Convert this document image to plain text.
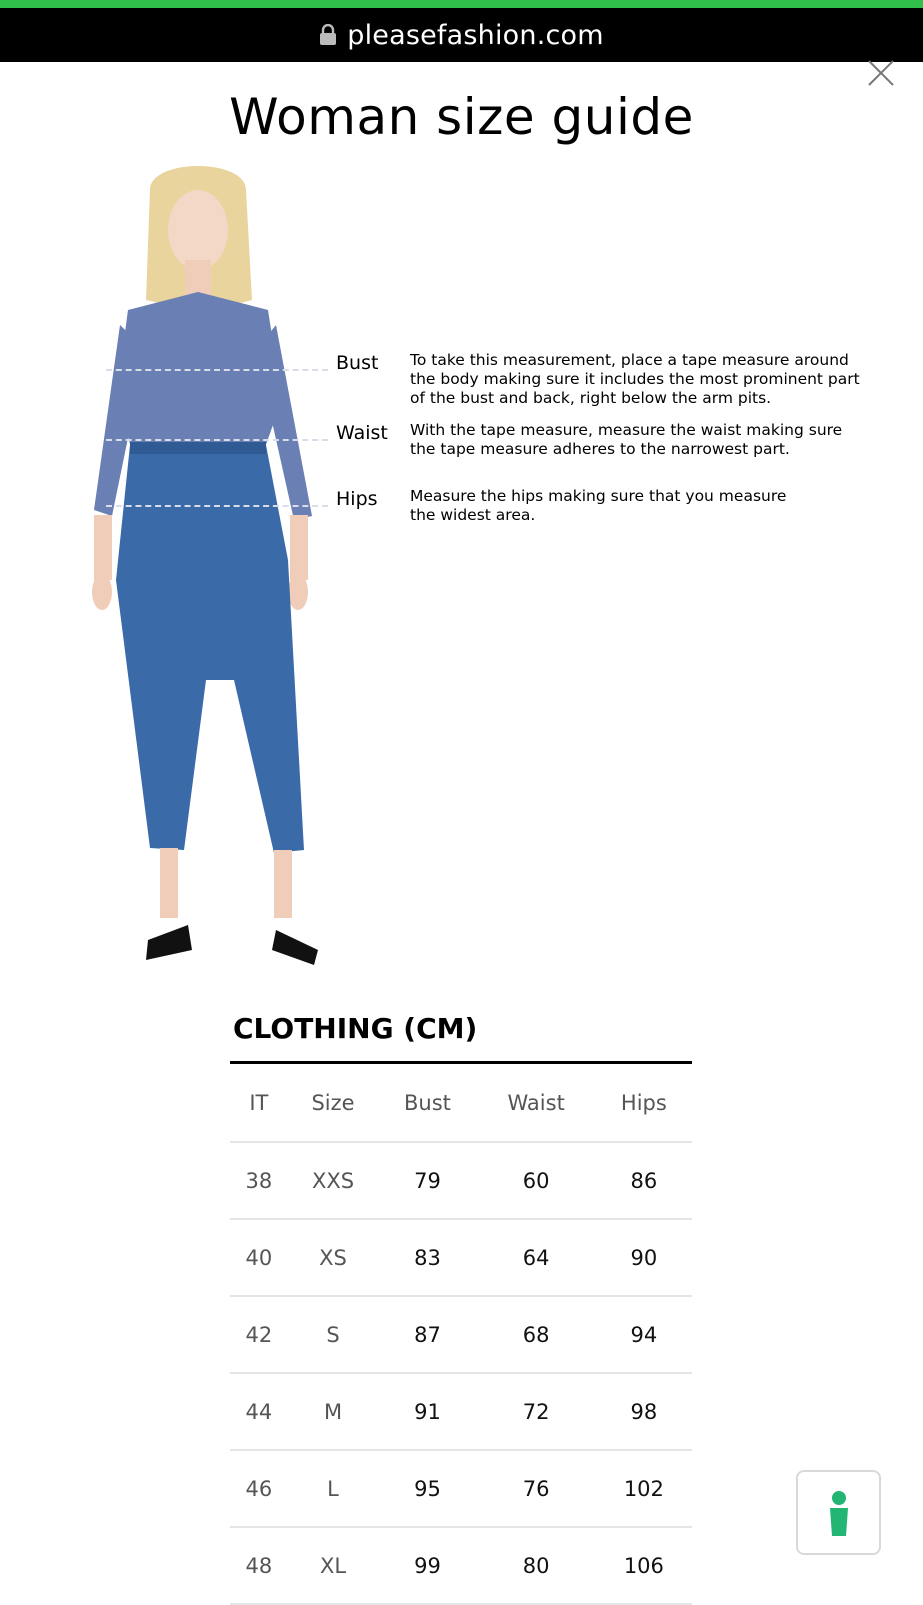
pleasefashion.com
Woman size guide
Bust To take this measurement, place a tape measure around the body making sure it includes the most prominent part of the bust and back, right below the arm pits.
Waist With the tape measure, measure the waist making sure the tape measure adheres to the narrowest part.
Hips Measure the hips making sure that you measure the widest area.
CLOTHING (CM)
IT	Size	Bust	Waist	Hips
38	XXS	79	60	86
40	XS	83	64	90
42	S	87	68	94
44	M	91	72	98
46	L	95	76	102
48	XL	99	80	106
